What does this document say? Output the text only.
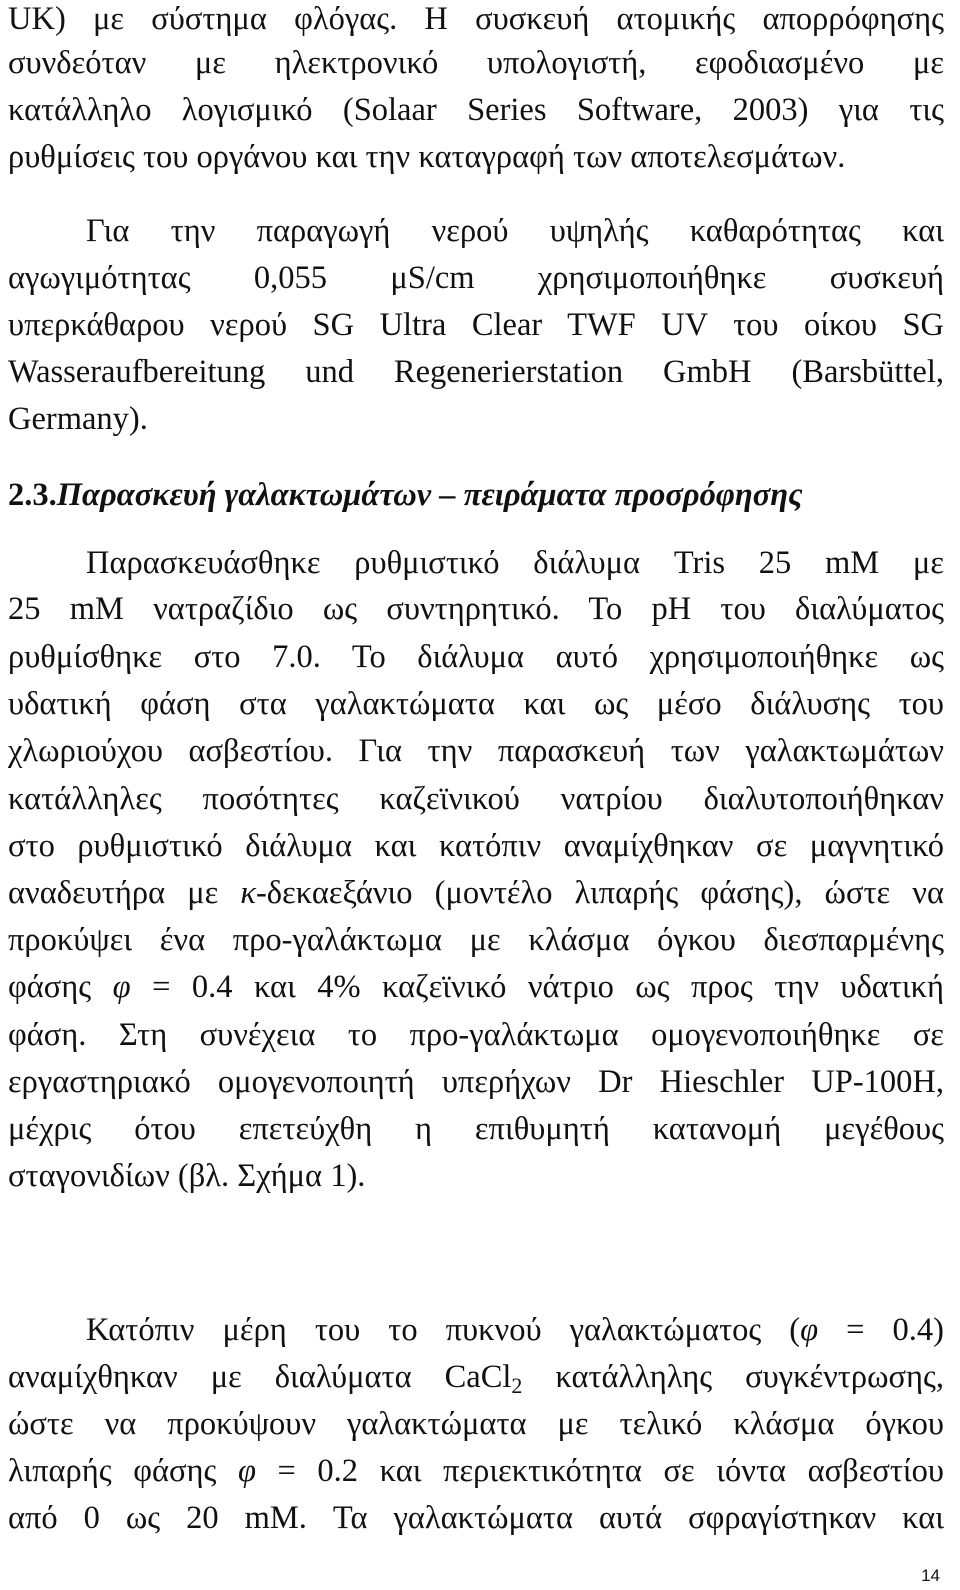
UK) με σύστημα φλόγας. Η συσκευή ατομικής απορρόφησης
συνδεόταν με ηλεκτρονικό υπολογιστή, εφοδιασμένο με
κατάλληλο λογισμικό (Solaar Series Software, 2003) για τις
ρυθμίσεις του οργάνου και την καταγραφή των αποτελεσμάτων.
Για την παραγωγή νερού υψηλής καθαρότητας και
αγωγιμότητας 0,055 μS/cm χρησιμοποιήθηκε συσκευή
υπερκάθαρου νερού SG Ultra Clear TWF UV του οίκου SG
Wasseraufbereitung und Regenerierstation GmbH (Barsbüttel,
Germany).
2.3.Παρασκευή γαλακτωμάτων – πειράματα προσρόφησης
Παρασκευάσθηκε ρυθμιστικό διάλυμα Tris 25 mM με
25 mM νατραζίδιο ως συντηρητικό. Το pH του διαλύματος
ρυθμίσθηκε στο 7.0. Το διάλυμα αυτό χρησιμοποιήθηκε ως
υδατική φάση στα γαλακτώματα και ως μέσο διάλυσης του
χλωριούχου ασβεστίου. Για την παρασκευή των γαλακτωμάτων
κατάλληλες ποσότητες καζεϊνικού νατρίου διαλυτοποιήθηκαν
στο ρυθμιστικό διάλυμα και κατόπιν αναμίχθηκαν σε μαγνητικό
αναδευτήρα με κ-δεκαεξάνιο (μοντέλο λιπαρής φάσης), ώστε να
προκύψει ένα προ-γαλάκτωμα με κλάσμα όγκου διεσπαρμένης
φάσης φ = 0.4 και 4% καζεϊνικό νάτριο ως προς την υδατική
φάση. Στη συνέχεια το προ-γαλάκτωμα ομογενοποιήθηκε σε
εργαστηριακό ομογενοποιητή υπερήχων Dr Hieschler UP-100H,
μέχρις ότου επετεύχθη η επιθυμητή κατανομή μεγέθους
σταγονιδίων (βλ. Σχήμα 1).
Κατόπιν μέρη του το πυκνού γαλακτώματος (φ = 0.4)
αναμίχθηκαν με διαλύματα CaCl$_2$ κατάλληλης συγκέντρωσης,
ώστε να προκύψουν γαλακτώματα με τελικό κλάσμα όγκου
λιπαρής φάσης φ = 0.2 και περιεκτικότητα σε ιόντα ασβεστίου
από 0 ως 20 mM. Τα γαλακτώματα αυτά σφραγίστηκαν και
14
